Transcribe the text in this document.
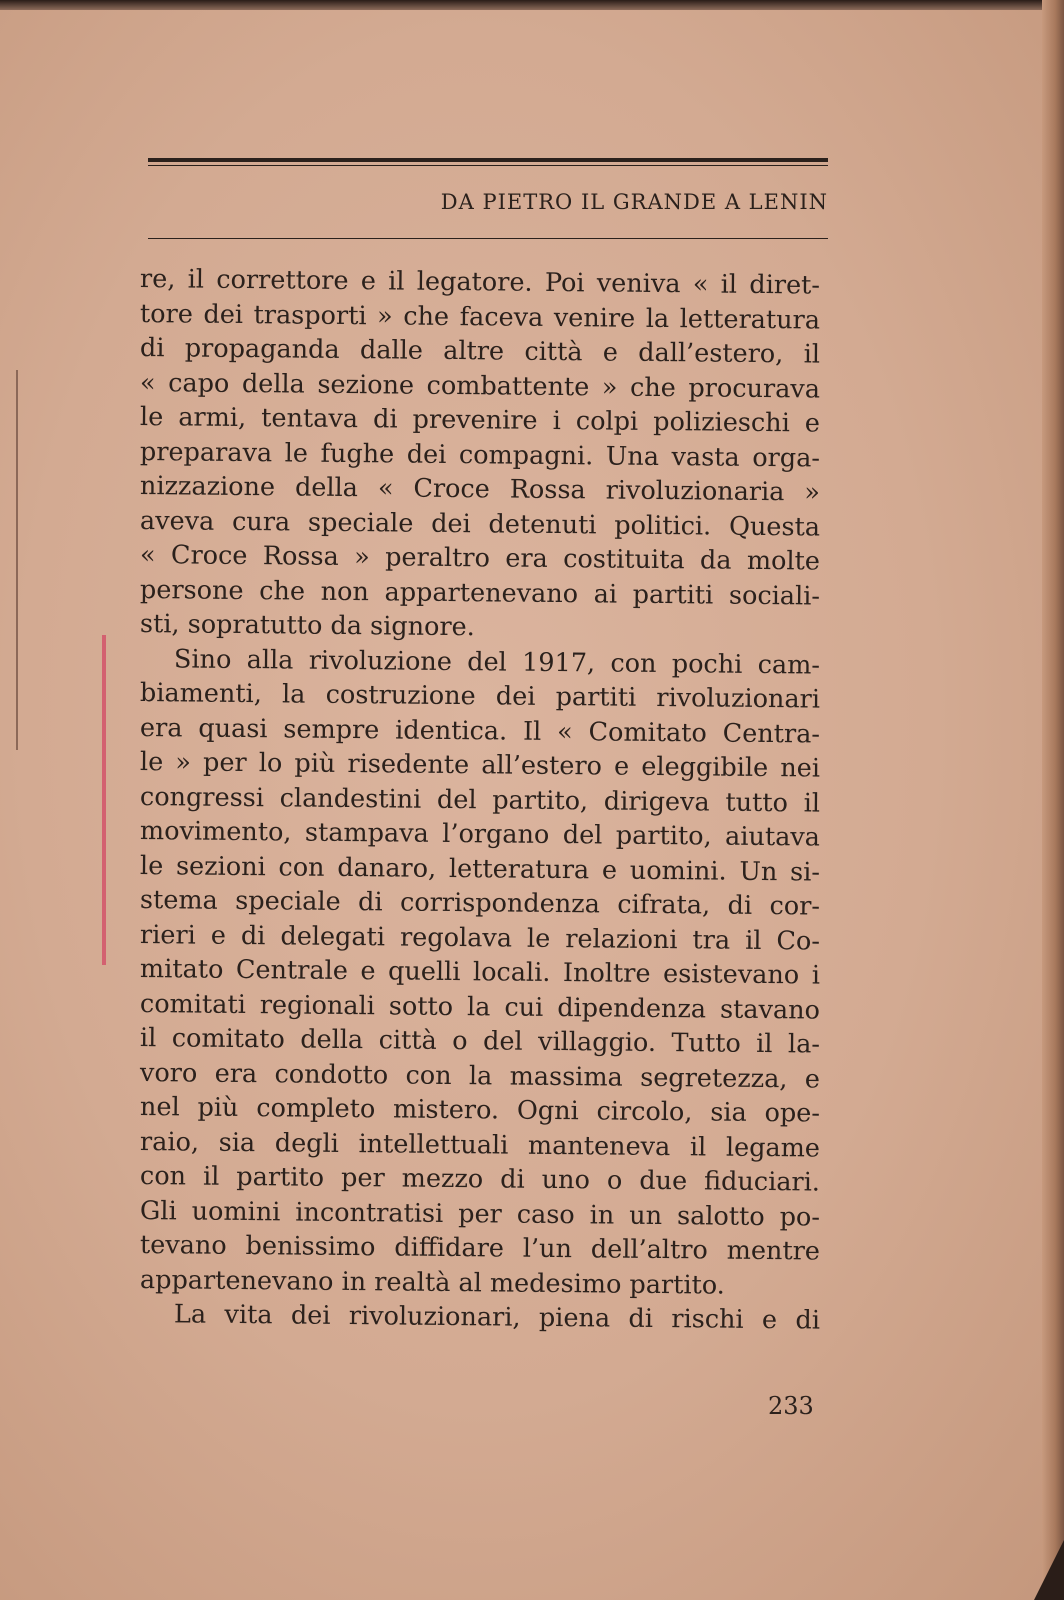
DA PIETRO IL GRANDE A LENIN
re, il correttore e il legatore. Poi veniva « il diret-
tore dei trasporti » che faceva venire la letteratura
di propaganda dalle altre città e dall’estero, il
« capo della sezione combattente » che procurava
le armi, tentava di prevenire i colpi polizieschi e
preparava le fughe dei compagni. Una vasta orga-
nizzazione della « Croce Rossa rivoluzionaria »
aveva cura speciale dei detenuti politici. Questa
« Croce Rossa » peraltro era costituita da molte
persone che non appartenevano ai partiti sociali-
sti, sopratutto da signore.
Sino alla rivoluzione del 1917, con pochi cam-
biamenti, la costruzione dei partiti rivoluzionari
era quasi sempre identica. Il « Comitato Centra-
le » per lo più risedente all’estero e eleggibile nei
congressi clandestini del partito, dirigeva tutto il
movimento, stampava l’organo del partito, aiutava
le sezioni con danaro, letteratura e uomini. Un si-
stema speciale di corrispondenza cifrata, di cor-
rieri e di delegati regolava le relazioni tra il Co-
mitato Centrale e quelli locali. Inoltre esistevano i
comitati regionali sotto la cui dipendenza stavano
il comitato della città o del villaggio. Tutto il la-
voro era condotto con la massima segretezza, e
nel più completo mistero. Ogni circolo, sia ope-
raio, sia degli intellettuali manteneva il legame
con il partito per mezzo di uno o due fiduciari.
Gli uomini incontratisi per caso in un salotto po-
tevano benissimo diffidare l’un dell’altro mentre
appartenevano in realtà al medesimo partito.
La vita dei rivoluzionari, piena di rischi e di
233
